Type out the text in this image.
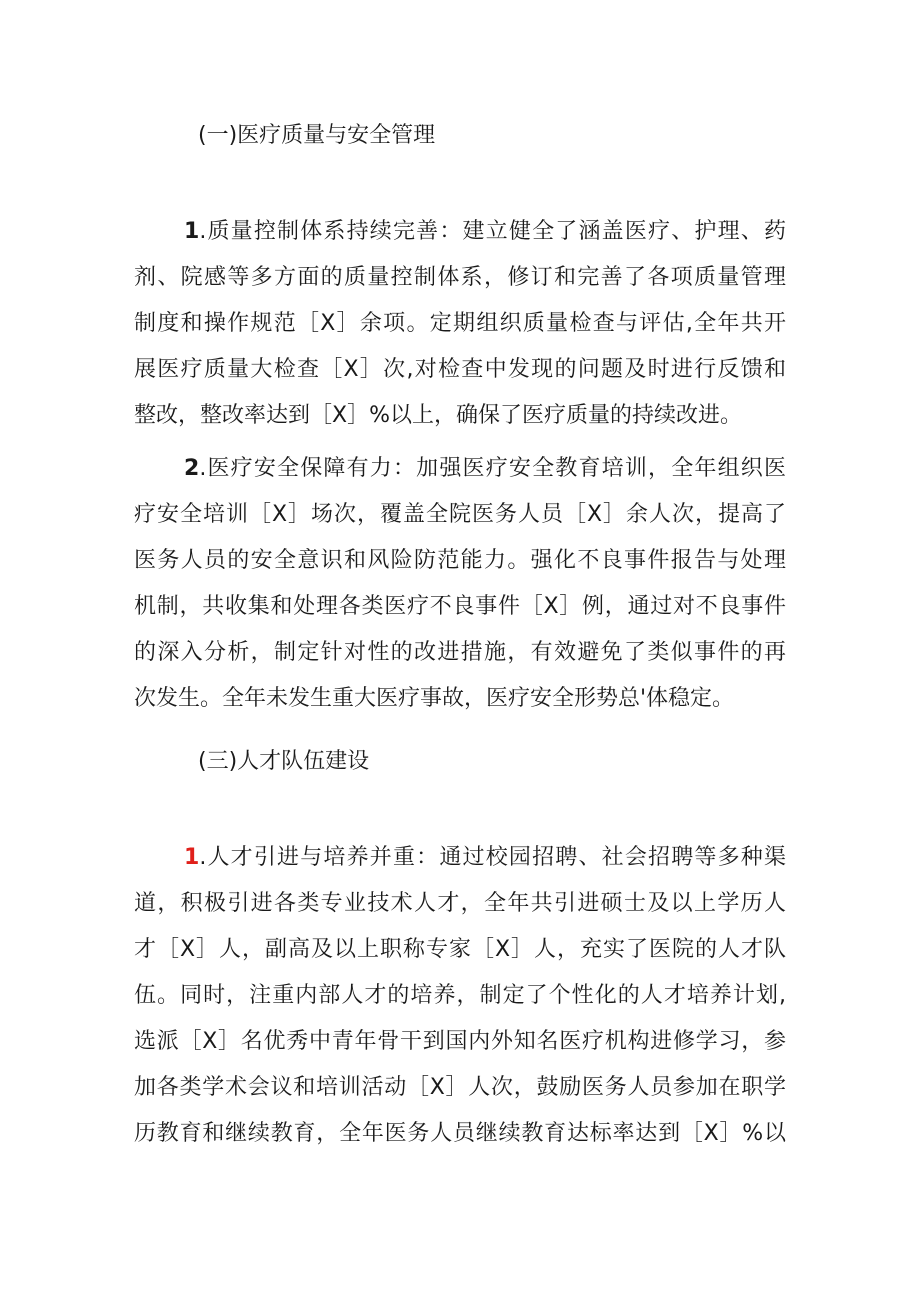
(一)医疗质量与安全管理
1.质量控制体系持续完善：建立健全了涵盖医疗、护理、药
剂、院感等多方面的质量控制体系，修订和完善了各项质量管理
制度和操作规范［X］余项。定期组织质量检查与评估,全年共开
展医疗质量大检查［X］次,对检查中发现的问题及时进行反馈和
整改，整改率达到［X］%以上，确保了医疗质量的持续改进。
2.医疗安全保障有力：加强医疗安全教育培训，全年组织医
疗安全培训［X］场次，覆盖全院医务人员［X］余人次，提高了
医务人员的安全意识和风险防范能力。强化不良事件报告与处理
机制，共收集和处理各类医疗不良事件［X］例，通过对不良事件
的深入分析，制定针对性的改进措施，有效避免了类似事件的再
次发生。全年未发生重大医疗事故，医疗安全形势总'体稳定。
(三)人才队伍建设
1.人才引进与培养并重：通过校园招聘、社会招聘等多种渠
道，积极引进各类专业技术人才，全年共引进硕士及以上学历人
才［X］人，副高及以上职称专家［X］人，充实了医院的人才队
伍。同时，注重内部人才的培养，制定了个性化的人才培养计划,
选派［X］名优秀中青年骨干到国内外知名医疗机构进修学习，参
加各类学术会议和培训活动［X］人次，鼓励医务人员参加在职学
历教育和继续教育，全年医务人员继续教育达标率达到［X］%以
